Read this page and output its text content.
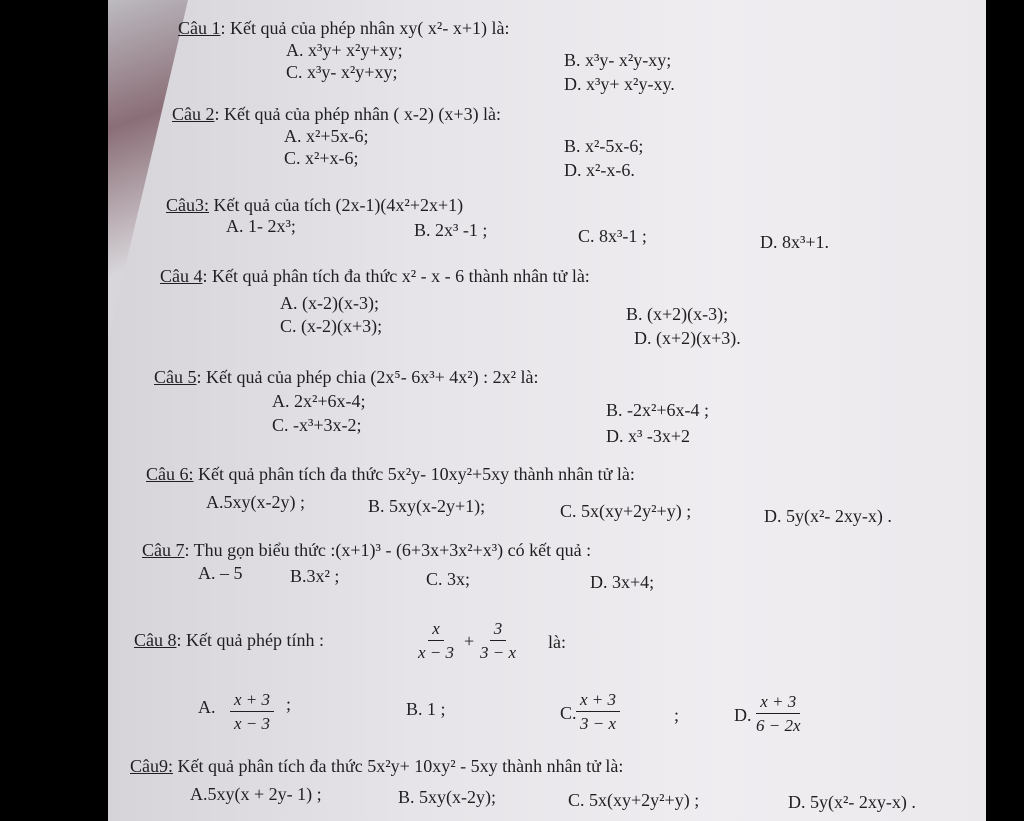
Câu 1: Kết quả của phép nhân xy( x²- x+1) là:
A. x³y+ x²y+xy;	B. x³y- x²y-xy;
C. x³y- x²y+xy;
D. x³y+ x²y-xy.
Câu 2: Kết quả của phép nhân ( x-2) (x+3) là:
A. x²+5x-6;	B. x²-5x-6;
C. x²+x-6;
D. x²-x-6.
Câu3: Kết quả của tích (2x-1)(4x²+2x+1)
A. 1- 2x³;	B. 2x³ -1 ;	C. 8x³-1 ;	D. 8x³+1.
Câu 4: Kết quả phân tích đa thức x² - x - 6 thành nhân tử là:
A. (x-2)(x-3);
B. (x+2)(x-3);
C. (x-2)(x+3);
D. (x+2)(x+3).
Câu 5: Kết quả của phép chia (2x⁵- 6x³+ 4x²) : 2x² là:
A. 2x²+6x-4;	B. -2x²+6x-4 ;
C. -x³+3x-2;
D. x³ -3x+2
Câu 6: Kết quả phân tích đa thức 5x²y- 10xy²+5xy thành nhân tử là:
A.5xy(x-2y) ;	B. 5xy(x-2y+1);	C. 5x(xy+2y²+y) ;	D. 5y(x²- 2xy-x) .
Câu 7: Thu gọn biểu thức :(x+1)³ - (6+3x+3x²+x³) có kết quả :
A. – 5	B.3x² ;	C. 3x;	D. 3x+4;
Câu 8: Kết quả phép tính :	$\frac{x}{x - 3} + \frac{3}{3 - x}$ là:
A. $\frac{x + 3}{x - 3}$ ;	B. 1 ;	C. $\frac{x + 3}{3 - x}$	;	D. $\frac{x + 3}{6 - 2x}$
Câu9: Kết quả phân tích đa thức 5x²y+ 10xy² - 5xy thành nhân tử là:
A.5xy(x + 2y- 1) ;	B. 5xy(x-2y);	C. 5x(xy+2y²+y) ;	D. 5y(x²- 2xy-x) .
